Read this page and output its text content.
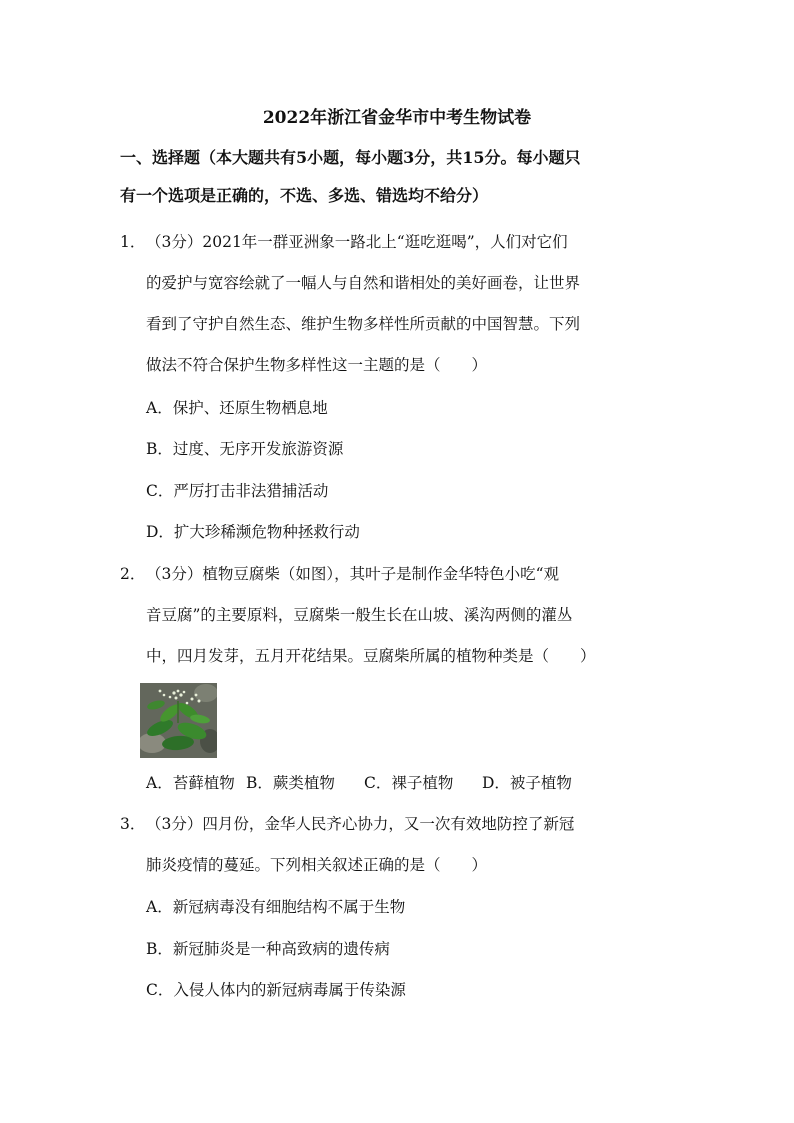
2022年浙江省金华市中考生物试卷
一、选择题（本大题共有5小题，每小题3分，共15分。每小题只
有一个选项是正确的，不选、多选、错选均不给分）
1． （3分）2021年一群亚洲象一路北上“逛吃逛喝”，人们对它们
的爱护与宽容绘就了一幅人与自然和谐相处的美好画卷，让世界
看到了守护自然生态、维护生物多样性所贡献的中国智慧。下列
做法不符合保护生物多样性这一主题的是（　　）
A．保护、还原生物栖息地
B．过度、无序开发旅游资源
C．严厉打击非法猎捕活动
D．扩大珍稀濒危物种拯救行动
2． （3分）植物豆腐柴（如图），其叶子是制作金华特色小吃“观
音豆腐”的主要原料，豆腐柴一般生长在山坡、溪沟两侧的灌丛
中，四月发芽，五月开花结果。豆腐柴所属的植物种类是（　　）
A．苔藓植物 B．蕨类植物 C．裸子植物 D．被子植物
3． （3分）四月份，金华人民齐心协力，又一次有效地防控了新冠
肺炎疫情的蔓延。下列相关叙述正确的是（　　）
A．新冠病毒没有细胞结构不属于生物
B．新冠肺炎是一种高致病的遗传病
C．入侵人体内的新冠病毒属于传染源
